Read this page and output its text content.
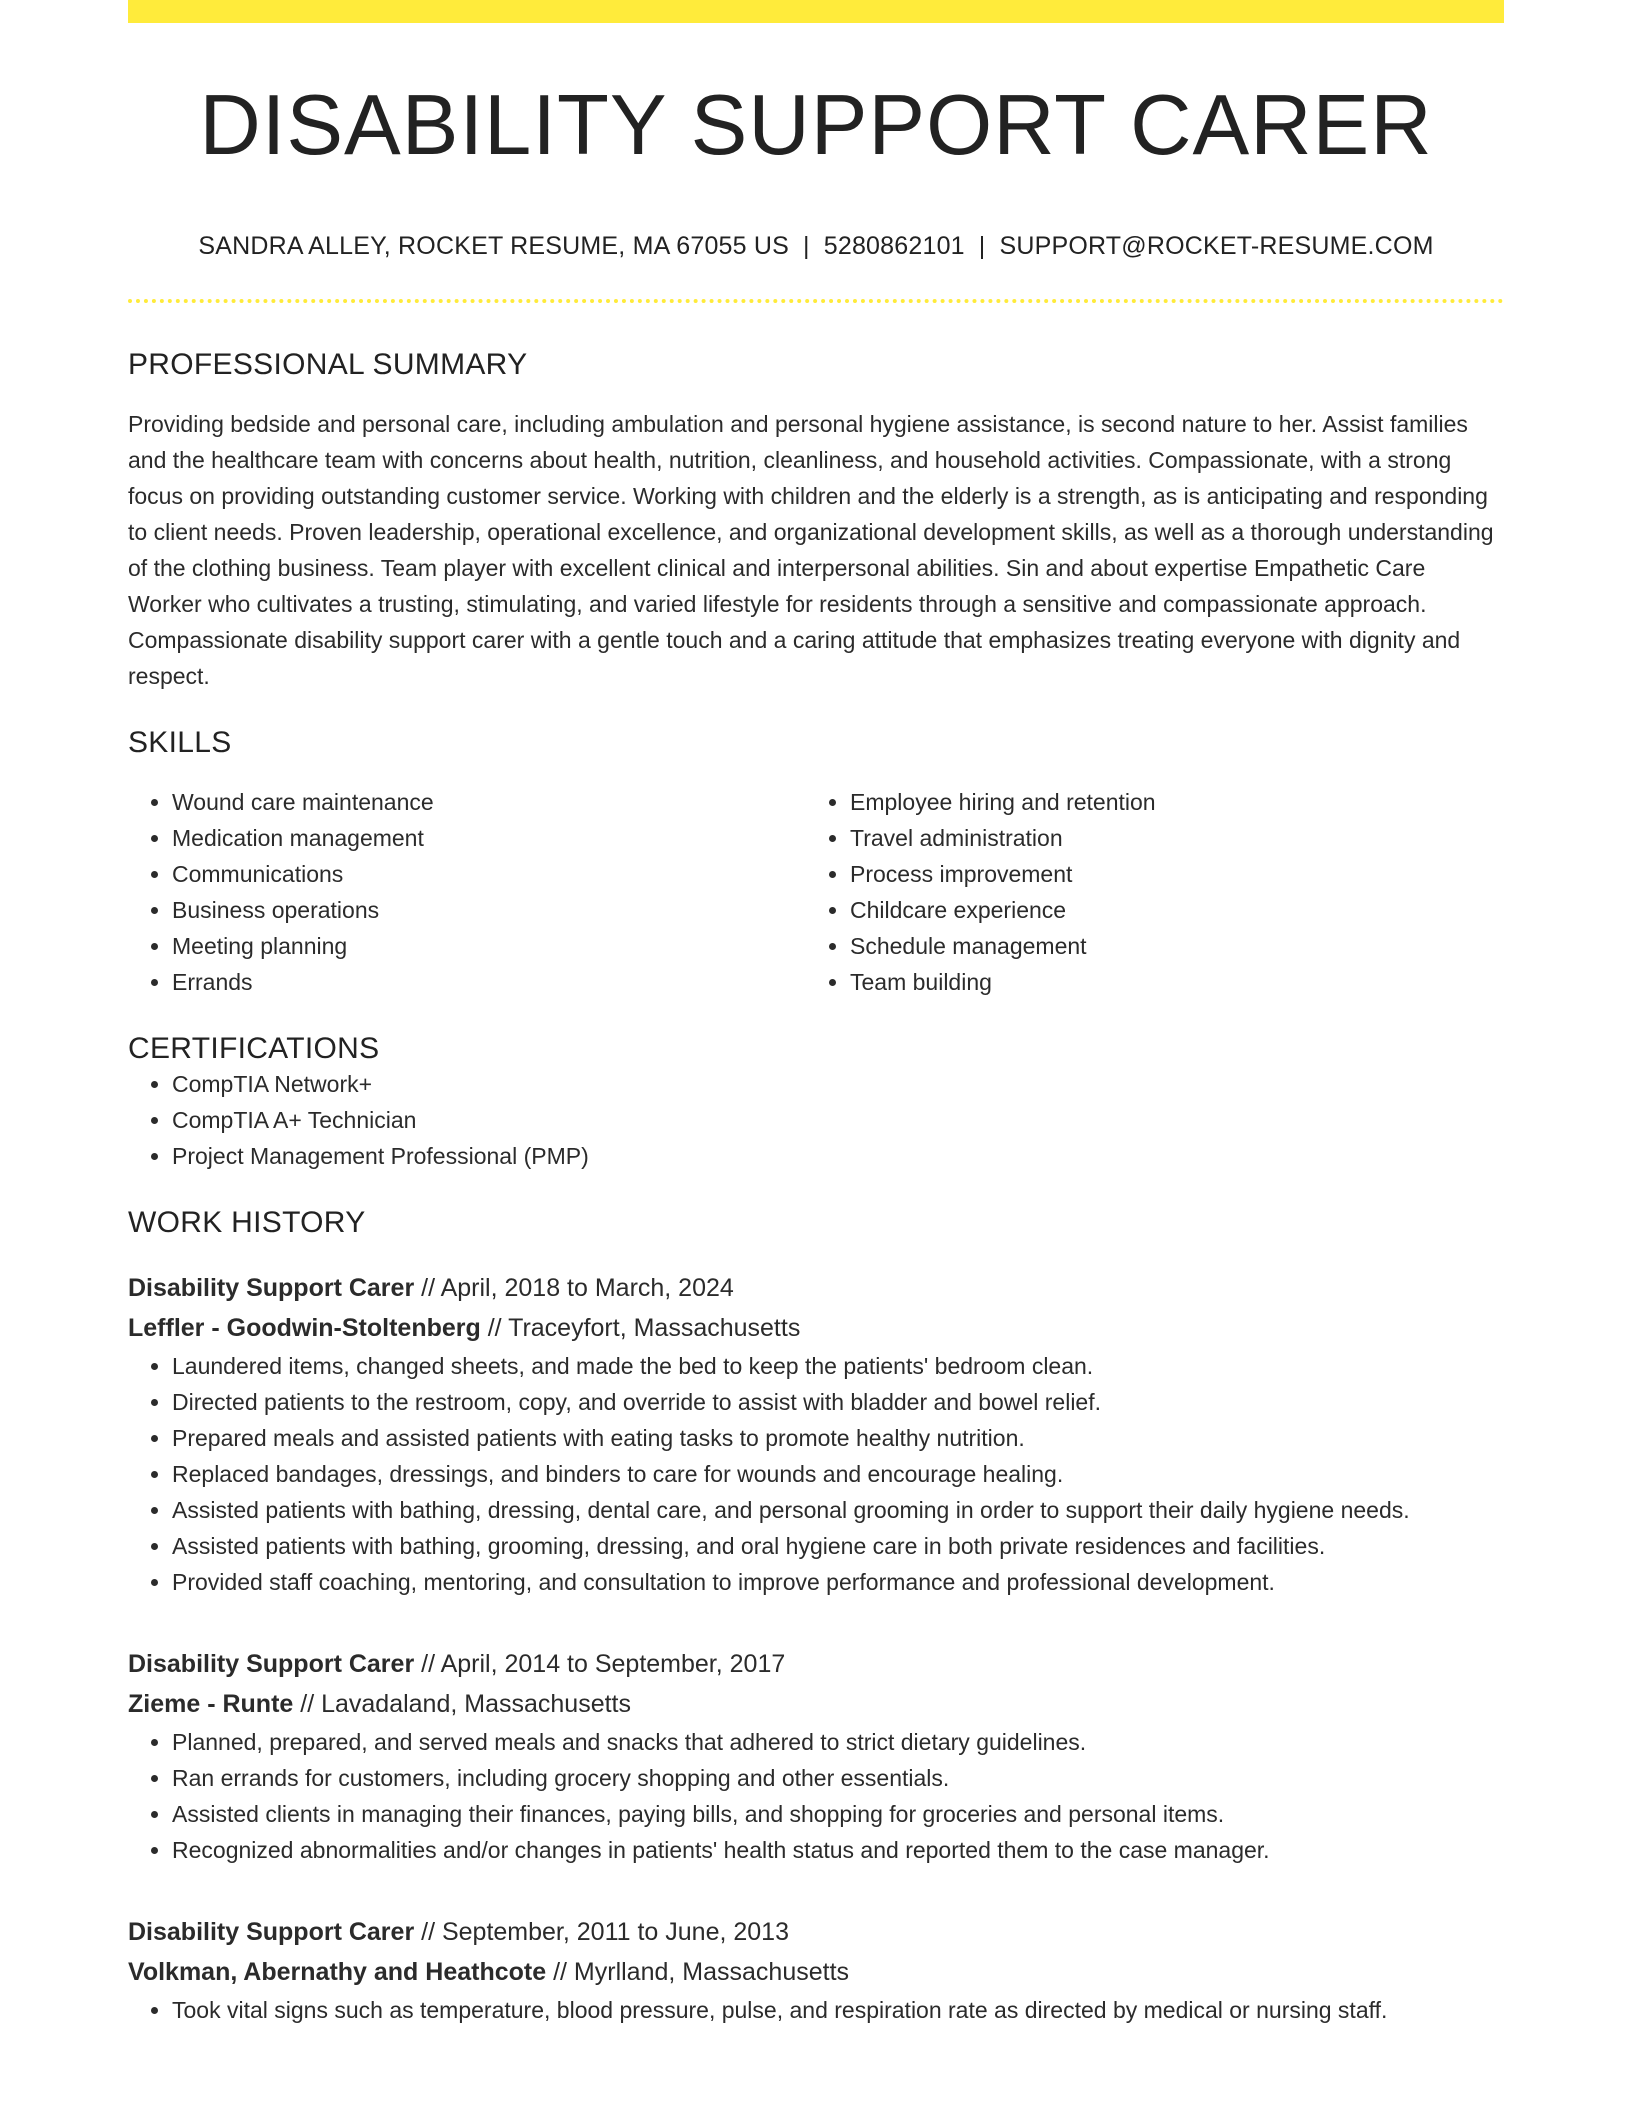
DISABILITY SUPPORT CARER
SANDRA ALLEY, ROCKET RESUME, MA 67055 US | 5280862101 | SUPPORT@ROCKET-RESUME.COM
PROFESSIONAL SUMMARY
Providing bedside and personal care, including ambulation and personal hygiene assistance, is second nature to her. Assist families and the healthcare team with concerns about health, nutrition, cleanliness, and household activities. Compassionate, with a strong focus on providing outstanding customer service. Working with children and the elderly is a strength, as is anticipating and responding to client needs. Proven leadership, operational excellence, and organizational development skills, as well as a thorough understanding of the clothing business. Team player with excellent clinical and interpersonal abilities. Sin and about expertise Empathetic Care Worker who cultivates a trusting, stimulating, and varied lifestyle for residents through a sensitive and compassionate approach. Compassionate disability support carer with a gentle touch and a caring attitude that emphasizes treating everyone with dignity and respect.
SKILLS
• Wound care maintenance
• Medication management
• Communications
• Business operations
• Meeting planning
• Errands
• Employee hiring and retention
• Travel administration
• Process improvement
• Childcare experience
• Schedule management
• Team building
CERTIFICATIONS
• CompTIA Network+
• CompTIA A+ Technician
• Project Management Professional (PMP)
WORK HISTORY
Disability Support Carer // April, 2018 to March, 2024
Leffler - Goodwin-Stoltenberg // Traceyfort, Massachusetts
• Laundered items, changed sheets, and made the bed to keep the patients' bedroom clean.
• Directed patients to the restroom, copy, and override to assist with bladder and bowel relief.
• Prepared meals and assisted patients with eating tasks to promote healthy nutrition.
• Replaced bandages, dressings, and binders to care for wounds and encourage healing.
• Assisted patients with bathing, dressing, dental care, and personal grooming in order to support their daily hygiene needs.
• Assisted patients with bathing, grooming, dressing, and oral hygiene care in both private residences and facilities.
• Provided staff coaching, mentoring, and consultation to improve performance and professional development.
Disability Support Carer // April, 2014 to September, 2017
Zieme - Runte // Lavadaland, Massachusetts
• Planned, prepared, and served meals and snacks that adhered to strict dietary guidelines.
• Ran errands for customers, including grocery shopping and other essentials.
• Assisted clients in managing their finances, paying bills, and shopping for groceries and personal items.
• Recognized abnormalities and/or changes in patients' health status and reported them to the case manager.
Disability Support Carer // September, 2011 to June, 2013
Volkman, Abernathy and Heathcote // Myrlland, Massachusetts
• Took vital signs such as temperature, blood pressure, pulse, and respiration rate as directed by medical or nursing staff.
